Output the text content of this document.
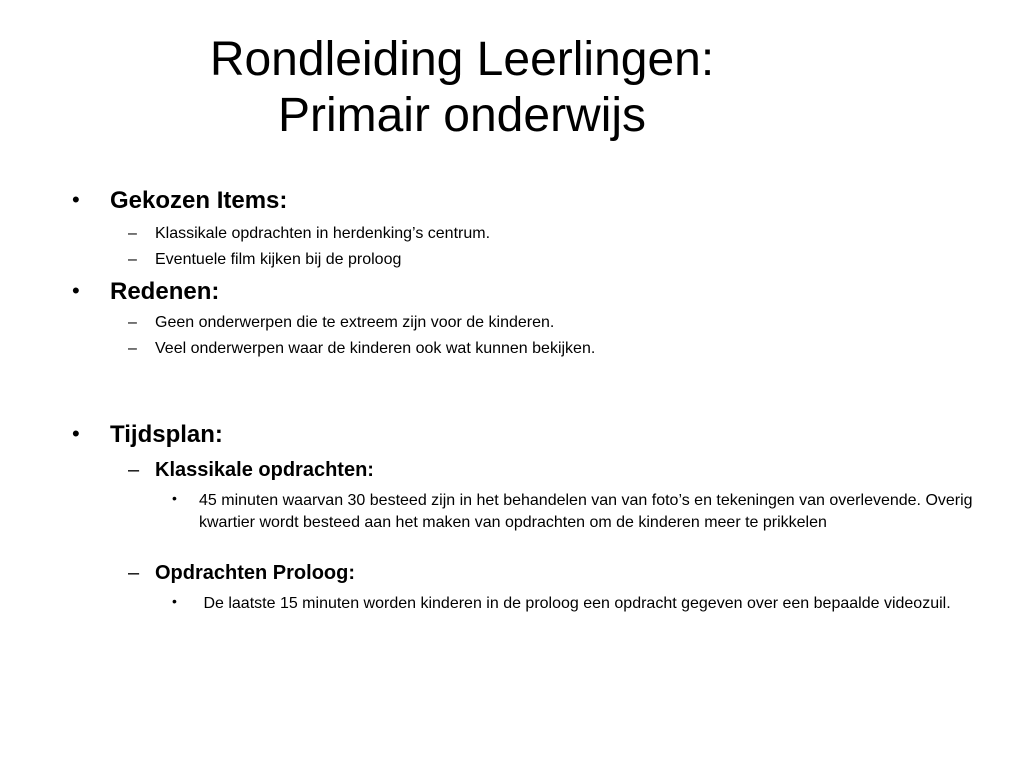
Rondleiding Leerlingen:
Primair onderwijs
• Gekozen Items:
– Klassikale opdrachten in herdenking’s centrum.
– Eventuele film kijken bij de proloog
• Redenen:
– Geen onderwerpen die te extreem zijn voor de kinderen.
– Veel onderwerpen waar de kinderen ook wat kunnen bekijken.
• Tijdsplan:
– Klassikale opdrachten:
• 45 minuten waarvan 30 besteed zijn in het behandelen van van foto’s en tekeningen van overlevende. Overig kwartier wordt besteed aan het maken van opdrachten om de kinderen meer te prikkelen
– Opdrachten Proloog:
• De laatste 15 minuten worden kinderen in de proloog een opdracht gegeven over een bepaalde videozuil.
